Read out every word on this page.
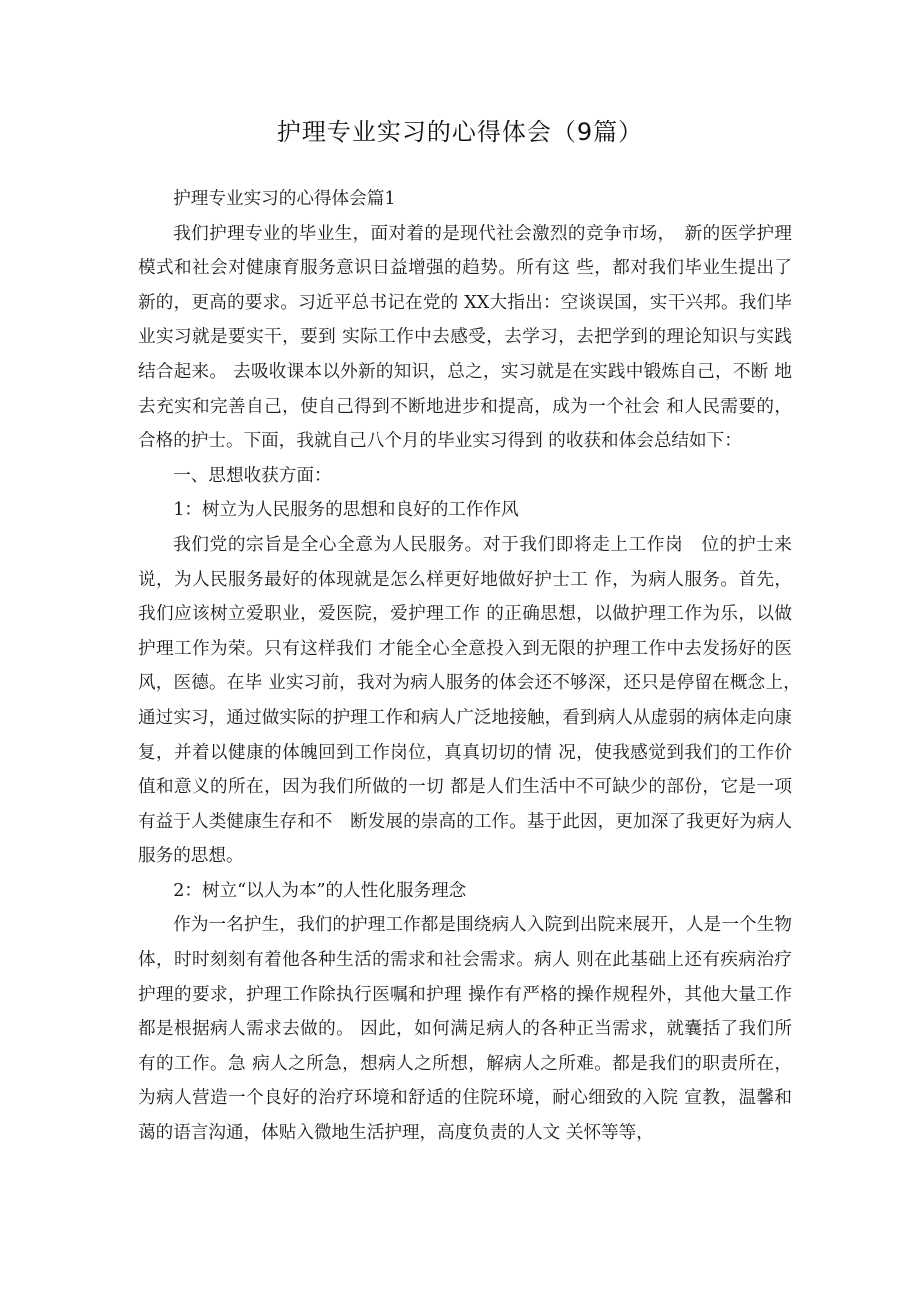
护理专业实习的心得体会（9篇）

护理专业实习的心得体会篇1

我们护理专业的毕业生，面对着的是现代社会激烈的竞争市场，　新的医学护理模式和社会对健康育服务意识日益增强的趋势。所有这 些，都对我们毕业生提出了新的，更高的要求。习近平总书记在党的 XX大指出：空谈误国，实干兴邦。我们毕业实习就是要实干，要到 实际工作中去感受，去学习，去把学到的理论知识与实践结合起来。 去吸收课本以外新的知识，总之，实习就是在实践中锻炼自己，不断 地去充实和完善自己，使自己得到不断地进步和提高，成为一个社会 和人民需要的，合格的护士。下面，我就自己八个月的毕业实习得到 的收获和体会总结如下：

一、思想收获方面：

1：树立为人民服务的思想和良好的工作作风

我们党的宗旨是全心全意为人民服务。对于我们即将走上工作岗　位的护士来说，为人民服务最好的体现就是怎么样更好地做好护士工 作，为病人服务。首先，我们应该树立爱职业，爱医院，爱护理工作 的正确思想，以做护理工作为乐，以做护理工作为荣。只有这样我们 才能全心全意投入到无限的护理工作中去发扬好的医风，医德。在毕 业实习前，我对为病人服务的体会还不够深，还只是停留在概念上，　通过实习，通过做实际的护理工作和病人广泛地接触，看到病人从虚弱的病体走向康复，并着以健康的体魄回到工作岗位，真真切切的情 况，使我感觉到我们的工作价值和意义的所在，因为我们所做的一切 都是人们生活中不可缺少的部份，它是一项有益于人类健康生存和不　断发展的崇高的工作。基于此因，更加深了我更好为病人服务的思想。

2：树立“以人为本”的人性化服务理念

作为一名护生，我们的护理工作都是围绕病人入院到出院来展开，人是一个生物体，时时刻刻有着他各种生活的需求和社会需求。病人 则在此基础上还有疾病治疗护理的要求，护理工作除执行医嘱和护理 操作有严格的操作规程外，其他大量工作都是根据病人需求去做的。 因此，如何满足病人的各种正当需求，就囊括了我们所有的工作。急 病人之所急，想病人之所想，解病人之所难。都是我们的职责所在， 为病人营造一个良好的治疗环境和舒适的住院环境，耐心细致的入院 宣教，温馨和蔼的语言沟通，体贴入微地生活护理，高度负责的人文 关怀等等，
